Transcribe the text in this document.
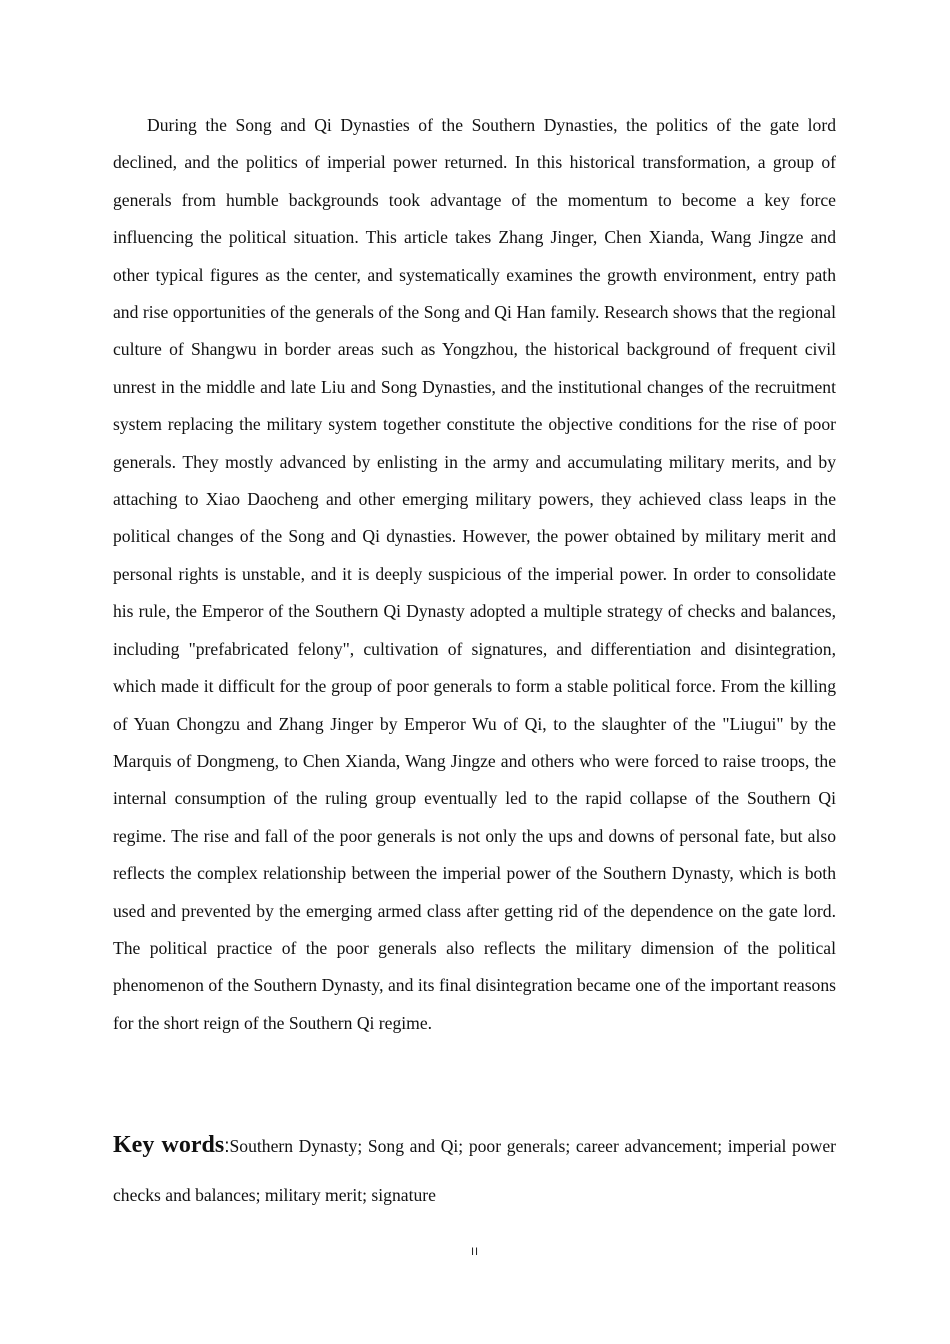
During the Song and Qi Dynasties of the Southern Dynasties, the politics of the gate lord declined, and the politics of imperial power returned. In this historical transformation, a group of generals from humble backgrounds took advantage of the momentum to become a key force influencing the political situation. This article takes Zhang Jinger, Chen Xianda, Wang Jingze and other typical figures as the center, and systematically examines the growth environment, entry path and rise opportunities of the generals of the Song and Qi Han family. Research shows that the regional culture of Shangwu in border areas such as Yongzhou, the historical background of frequent civil unrest in the middle and late Liu and Song Dynasties, and the institutional changes of the recruitment system replacing the military system together constitute the objective conditions for the rise of poor generals. They mostly advanced by enlisting in the army and accumulating military merits, and by attaching to Xiao Daocheng and other emerging military powers, they achieved class leaps in the political changes of the Song and Qi dynasties. However, the power obtained by military merit and personal rights is unstable, and it is deeply suspicious of the imperial power. In order to consolidate his rule, the Emperor of the Southern Qi Dynasty adopted a multiple strategy of checks and balances, including "prefabricated felony", cultivation of signatures, and differentiation and disintegration, which made it difficult for the group of poor generals to form a stable political force. From the killing of Yuan Chongzu and Zhang Jinger by Emperor Wu of Qi, to the slaughter of the "Liugui" by the Marquis of Dongmeng, to Chen Xianda, Wang Jingze and others who were forced to raise troops, the internal consumption of the ruling group eventually led to the rapid collapse of the Southern Qi regime. The rise and fall of the poor generals is not only the ups and downs of personal fate, but also reflects the complex relationship between the imperial power of the Southern Dynasty, which is both used and prevented by the emerging armed class after getting rid of the dependence on the gate lord. The political practice of the poor generals also reflects the military dimension of the political phenomenon of the Southern Dynasty, and its final disintegration became one of the important reasons for the short reign of the Southern Qi regime.

Key words:Southern Dynasty; Song and Qi; poor generals; career advancement; imperial power checks and balances; military merit; signature

II
